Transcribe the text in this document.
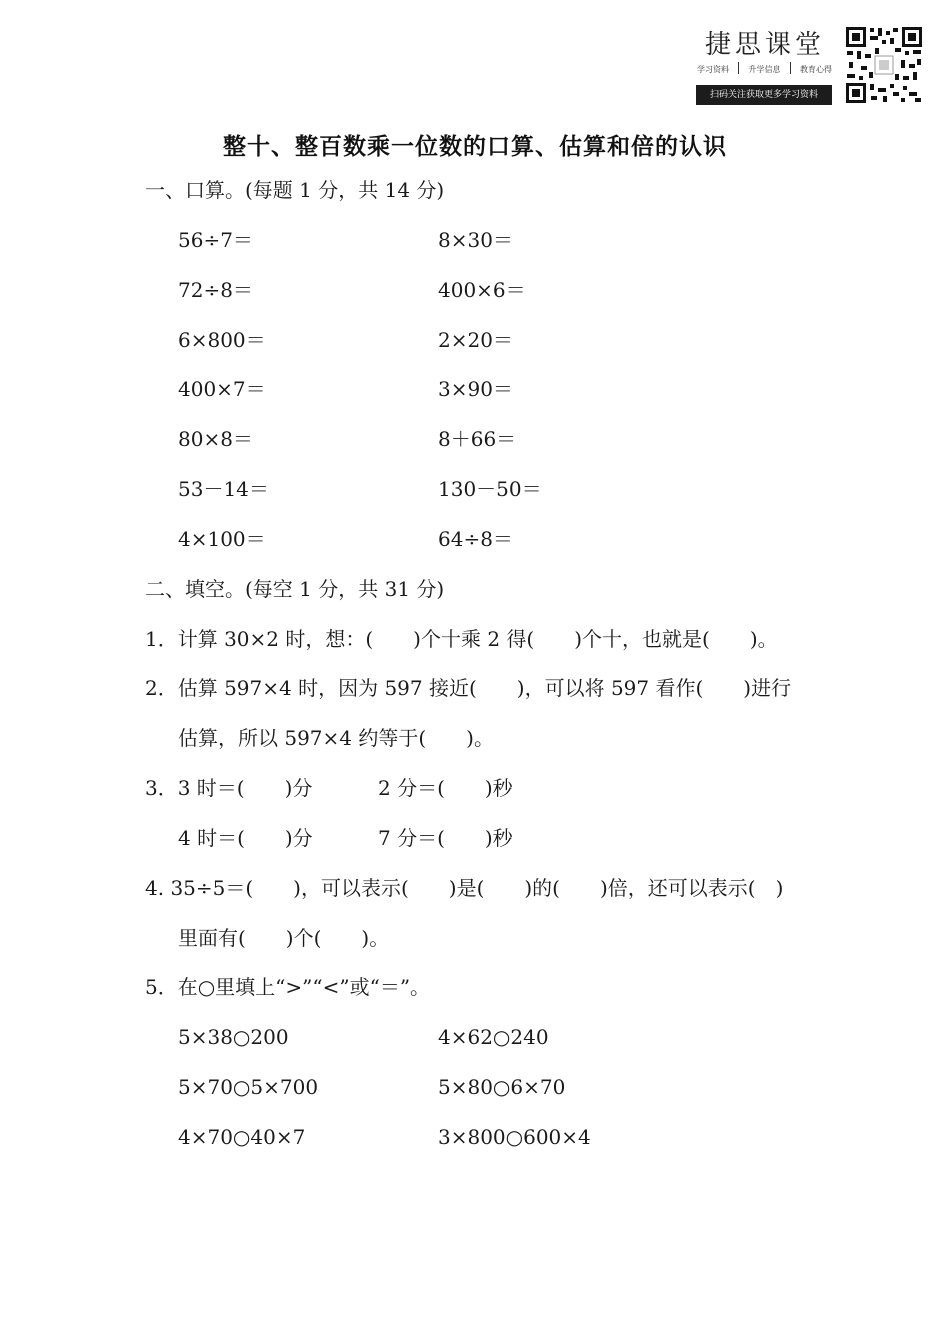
捷思课堂
学习资料 升学信息 教育心得
扫码关注获取更多学习资料
整十、整百数乘一位数的口算、估算和倍的认识
一、口算。(每题 1 分，共 14 分)
56÷7＝	8×30＝
72÷8＝	400×6＝
6×800＝	2×20＝
400×7＝	3×90＝
80×8＝	8＋66＝
53－14＝	130－50＝
4×100＝	64÷8＝
二、填空。(每空 1 分，共 31 分)
1．计算 30×2 时，想：(　　)个十乘 2 得(　　)个十，也就是(　　)。
2．估算 597×4 时，因为 597 接近(　　)，可以将 597 看作(　　)进行
估算，所以 597×4 约等于(　　)。
3．3 时＝(　　)分	2 分＝(　　)秒
4 时＝(　　)分	7 分＝(　　)秒
4. 35÷5＝(　　)，可以表示(　　)是(　　)的(　　)倍，还可以表示(　)
里面有(　　)个(　　)。
5．在○里填上“>”“<”或“＝”。
5×38○200	4×62○240
5×70○5×700	5×80○6×70
4×70○40×7	3×800○600×4
